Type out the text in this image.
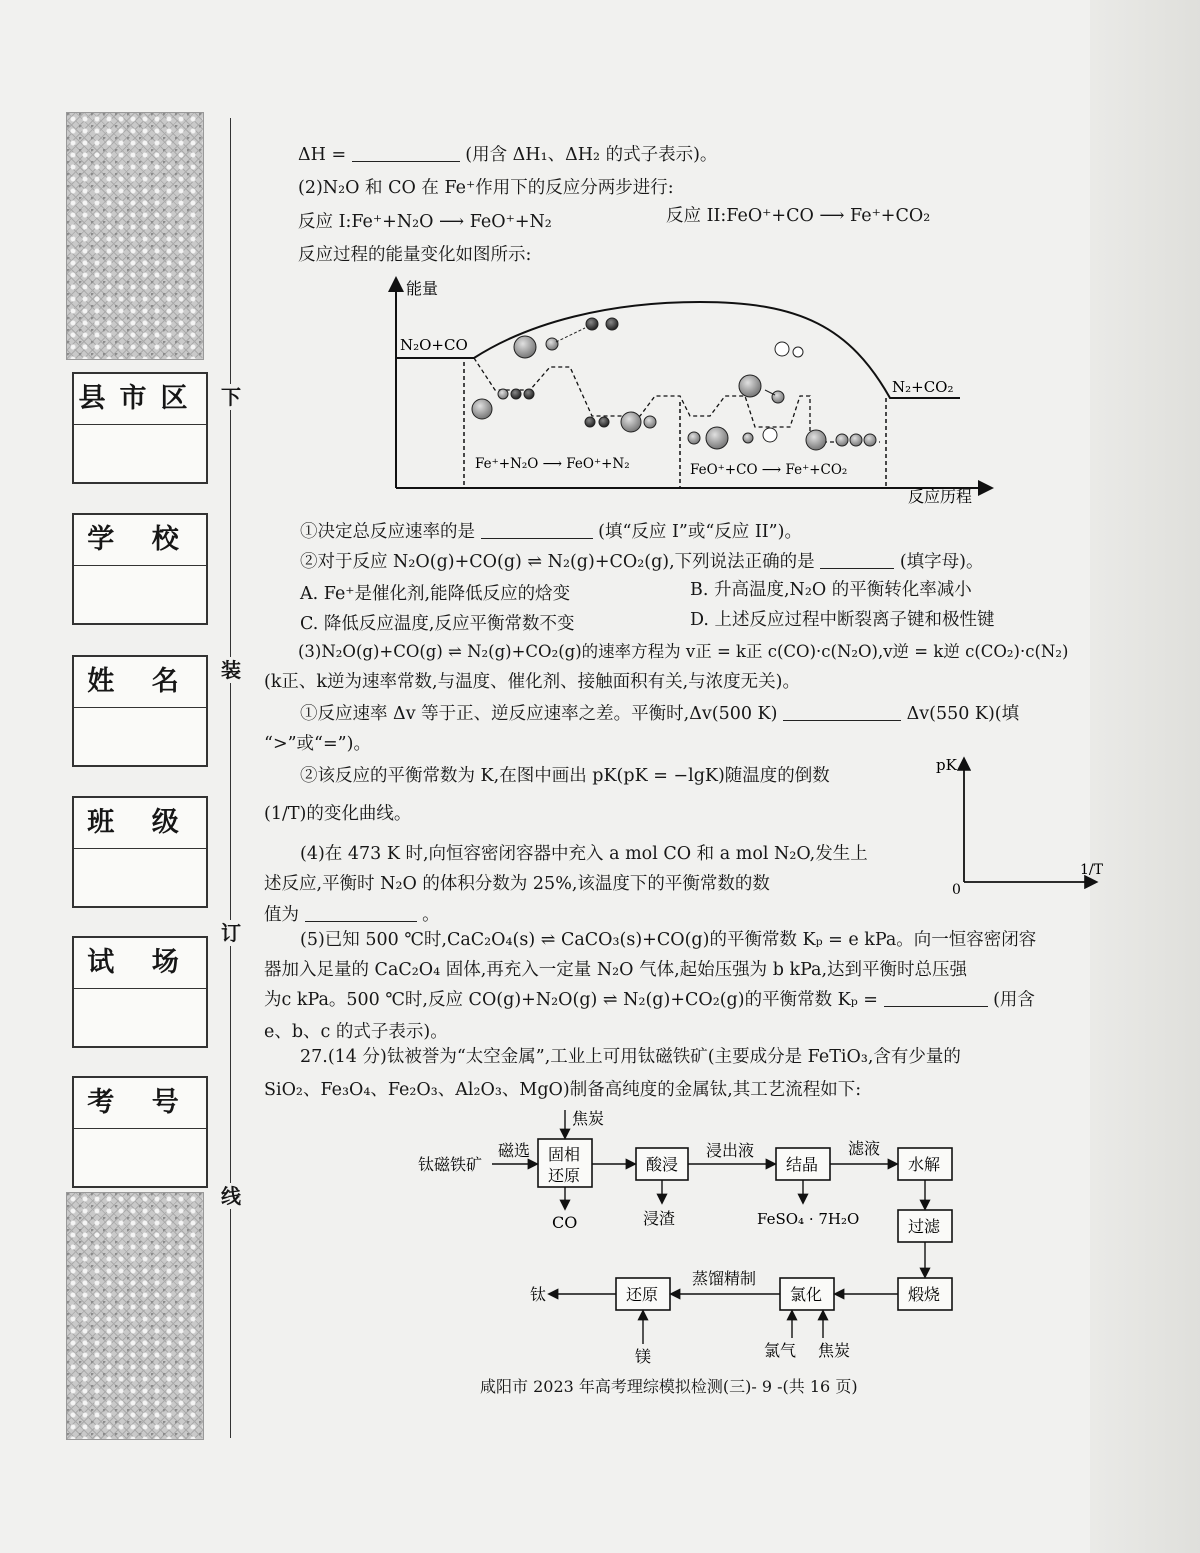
县市区
学 校
姓 名
班 级
试 场
考 号
下
装
订
线
ΔH =	(用含 ΔH₁、ΔH₂ 的式子表示)。
(2)N₂O 和 CO 在 Fe⁺作用下的反应分两步进行:
反应 I:Fe⁺+N₂O ⟶ FeO⁺+N₂	反应 II:FeO⁺+CO ⟶ Fe⁺+CO₂
反应过程的能量变化如图所示:
能量
反应历程
N₂O+CO
N₂+CO₂
Fe⁺+N₂O ⟶ FeO⁺+N₂	FeO⁺+CO ⟶ Fe⁺+CO₂
①决定总反应速率的是	(填“反应 I”或“反应 II”)。
②对于反应 N₂O(g)+CO(g) ⇌ N₂(g)+CO₂(g),下列说法正确的是	(填字母)。
A. Fe⁺是催化剂,能降低反应的焓变	B. 升高温度,N₂O 的平衡转化率减小
C. 降低反应温度,反应平衡常数不变	D. 上述反应过程中断裂离子键和极性键
(3)N₂O(g)+CO(g) ⇌ N₂(g)+CO₂(g)的速率方程为 v正 = k正 c(CO)·c(N₂O),v逆 = k逆 c(CO₂)·c(N₂)
(k正、k逆为速率常数,与温度、催化剂、接触面积有关,与浓度无关)。
①反应速率 Δv 等于正、逆反应速率之差。平衡时,Δv(500 K)	Δv(550 K)(填
“>”或“=”)。
②该反应的平衡常数为 K,在图中画出 pK(pK = −lgK)随温度的倒数
(1/T)的变化曲线。
pK
1/T
0
(4)在 473 K 时,向恒容密闭容器中充入 a mol CO 和 a mol N₂O,发生上
述反应,平衡时 N₂O 的体积分数为 25%,该温度下的平衡常数的数
值为	。
(5)已知 500 ℃时,CaC₂O₄(s) ⇌ CaCO₃(s)+CO(g)的平衡常数 Kₚ = e kPa。向一恒容密闭容
器加入足量的 CaC₂O₄ 固体,再充入一定量 N₂O 气体,起始压强为 b kPa,达到平衡时总压强
为c kPa。500 ℃时,反应 CO(g)+N₂O(g) ⇌ N₂(g)+CO₂(g)的平衡常数 Kₚ =	(用含
e、b、c 的式子表示)。
27.(14 分)钛被誉为“太空金属”,工业上可用钛磁铁矿(主要成分是 FeTiO₃,含有少量的
SiO₂、Fe₃O₄、Fe₂O₃、Al₂O₃、MgO)制备高纯度的金属钛,其工艺流程如下:
钛磁铁矿
磁选
焦炭
固相
还原
CO
酸浸
浸渣
浸出液
结晶
FeSO₄ · 7H₂O
滤液
水解
过滤
煅烧
氯化
氯气 焦炭
蒸馏精制
还原
镁
钛
咸阳市 2023 年高考理综模拟检测(三)- 9 -(共 16 页)
